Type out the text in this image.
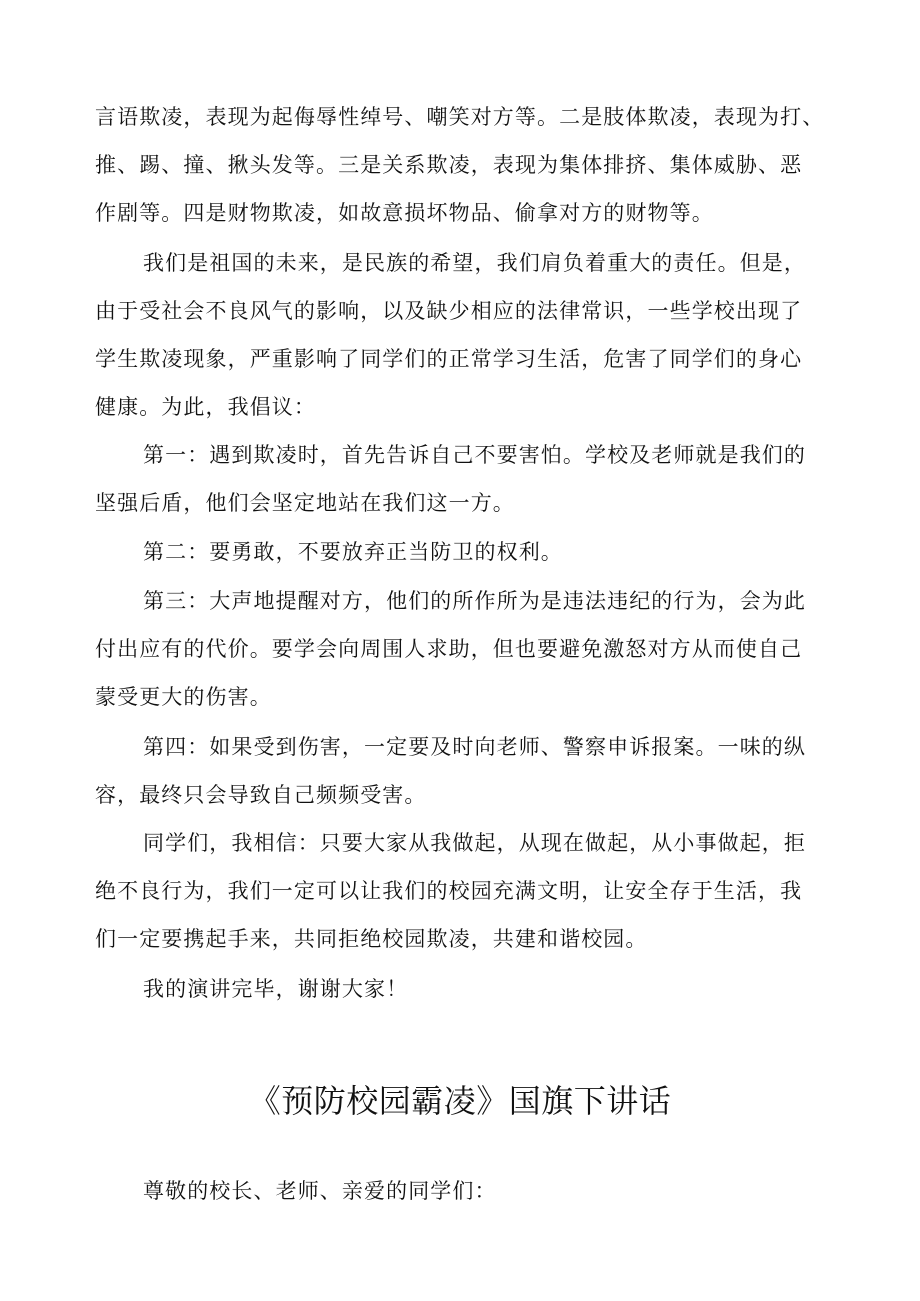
言语欺凌，表现为起侮辱性绰号、嘲笑对方等。二是肢体欺凌，表现为打、
推、踢、撞、揪头发等。三是关系欺凌，表现为集体排挤、集体威胁、恶
作剧等。四是财物欺凌，如故意损坏物品、偷拿对方的财物等。
我们是祖国的未来，是民族的希望，我们肩负着重大的责任。但是，
由于受社会不良风气的影响，以及缺少相应的法律常识，一些学校出现了
学生欺凌现象，严重影响了同学们的正常学习生活，危害了同学们的身心
健康。为此，我倡议：
第一：遇到欺凌时，首先告诉自己不要害怕。学校及老师就是我们的
坚强后盾，他们会坚定地站在我们这一方。
第二：要勇敢，不要放弃正当防卫的权利。
第三：大声地提醒对方，他们的所作所为是违法违纪的行为，会为此
付出应有的代价。要学会向周围人求助，但也要避免激怒对方从而使自己
蒙受更大的伤害。
第四：如果受到伤害，一定要及时向老师、警察申诉报案。一味的纵
容，最终只会导致自己频频受害。
同学们，我相信：只要大家从我做起，从现在做起，从小事做起，拒
绝不良行为，我们一定可以让我们的校园充满文明，让安全存于生活，我
们一定要携起手来，共同拒绝校园欺凌，共建和谐校园。
我的演讲完毕，谢谢大家！
《预防校园霸凌》国旗下讲话
尊敬的校长、老师、亲爱的同学们：
